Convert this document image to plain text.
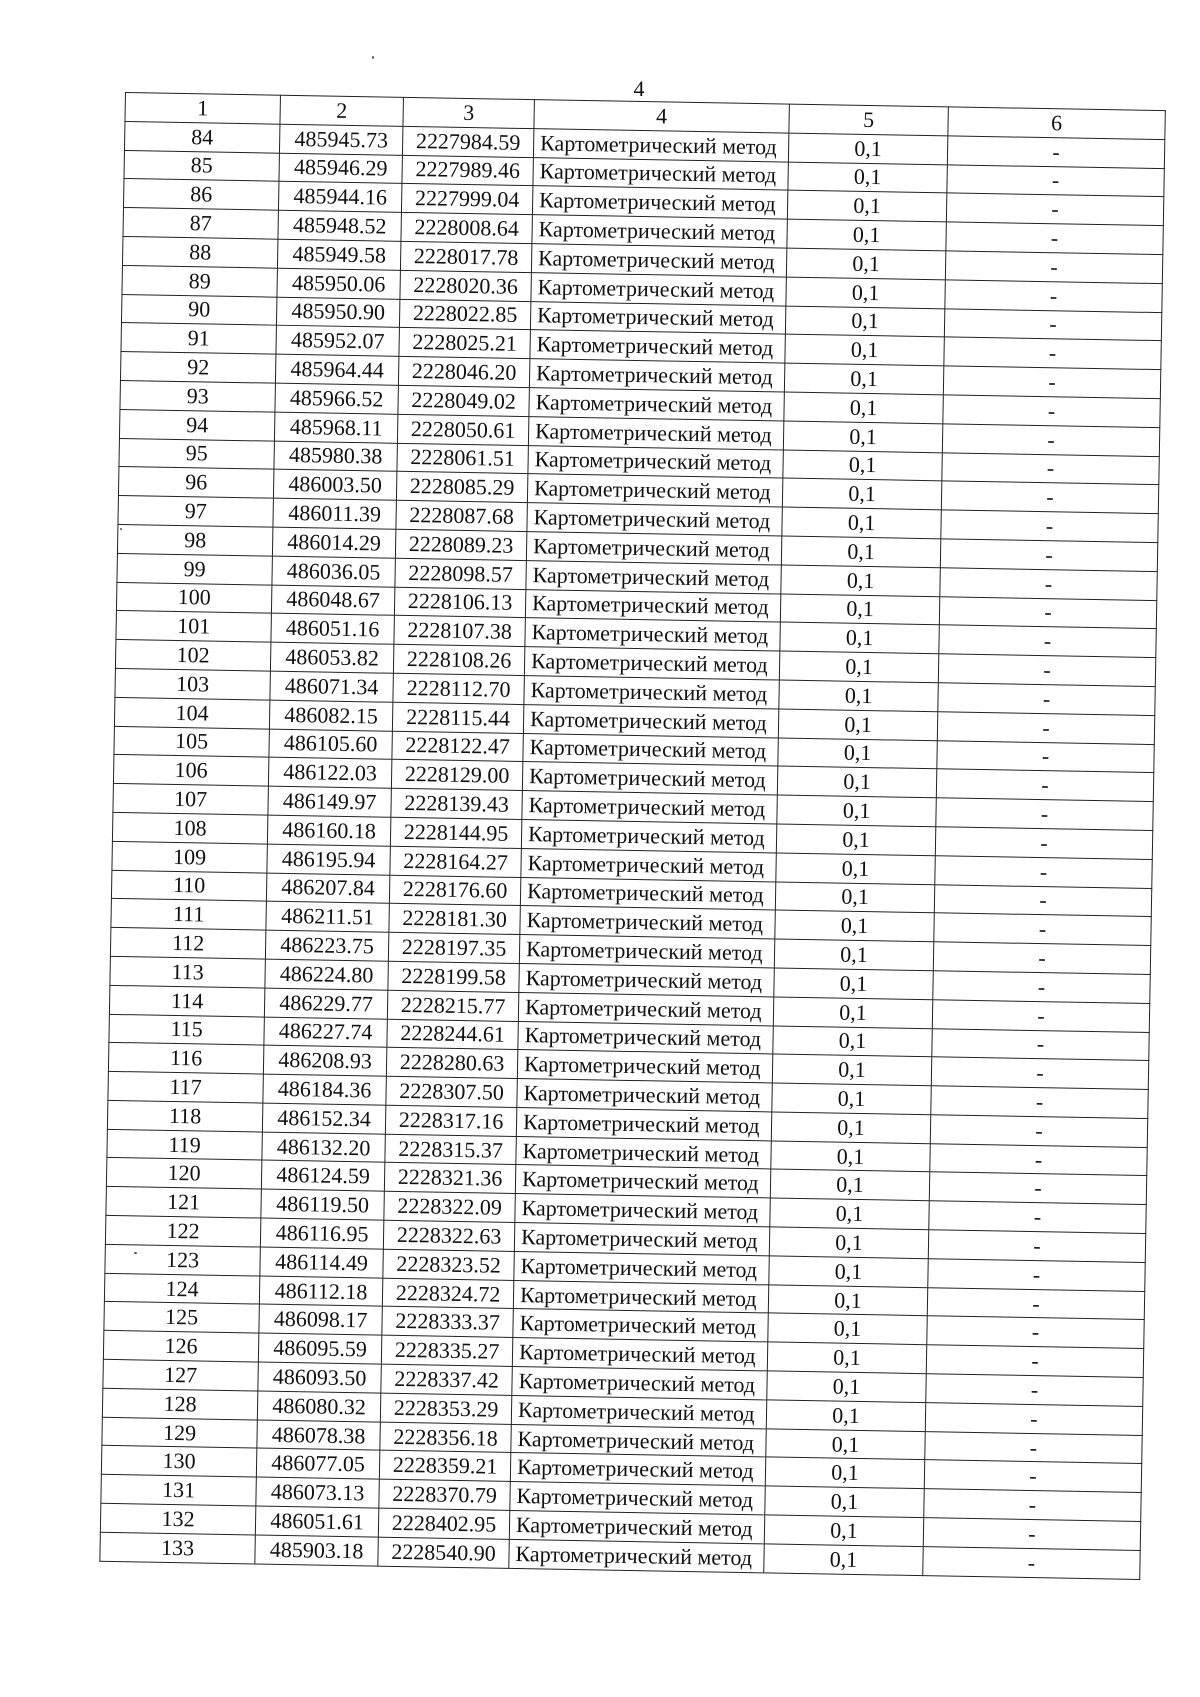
4
1	2	3	4	5	6
84	485945.73	2227984.59	Картометрический метод	0,1	-
85	485946.29	2227989.46	Картометрический метод	0,1	-
86	485944.16	2227999.04	Картометрический метод	0,1	-
87	485948.52	2228008.64	Картометрический метод	0,1	-
88	485949.58	2228017.78	Картометрический метод	0,1	-
89	485950.06	2228020.36	Картометрический метод	0,1	-
90	485950.90	2228022.85	Картометрический метод	0,1	-
91	485952.07	2228025.21	Картометрический метод	0,1	-
92	485964.44	2228046.20	Картометрический метод	0,1	-
93	485966.52	2228049.02	Картометрический метод	0,1	-
94	485968.11	2228050.61	Картометрический метод	0,1	-
95	485980.38	2228061.51	Картометрический метод	0,1	-
96	486003.50	2228085.29	Картометрический метод	0,1	-
97	486011.39	2228087.68	Картометрический метод	0,1	-
98	486014.29	2228089.23	Картометрический метод	0,1	-
99	486036.05	2228098.57	Картометрический метод	0,1	-
100	486048.67	2228106.13	Картометрический метод	0,1	-
101	486051.16	2228107.38	Картометрический метод	0,1	-
102	486053.82	2228108.26	Картометрический метод	0,1	-
103	486071.34	2228112.70	Картометрический метод	0,1	-
104	486082.15	2228115.44	Картометрический метод	0,1	-
105	486105.60	2228122.47	Картометрический метод	0,1	-
106	486122.03	2228129.00	Картометрический метод	0,1	-
107	486149.97	2228139.43	Картометрический метод	0,1	-
108	486160.18	2228144.95	Картометрический метод	0,1	-
109	486195.94	2228164.27	Картометрический метод	0,1	-
110	486207.84	2228176.60	Картометрический метод	0,1	-
111	486211.51	2228181.30	Картометрический метод	0,1	-
112	486223.75	2228197.35	Картометрический метод	0,1	-
113	486224.80	2228199.58	Картометрический метод	0,1	-
114	486229.77	2228215.77	Картометрический метод	0,1	-
115	486227.74	2228244.61	Картометрический метод	0,1	-
116	486208.93	2228280.63	Картометрический метод	0,1	-
117	486184.36	2228307.50	Картометрический метод	0,1	-
118	486152.34	2228317.16	Картометрический метод	0,1	-
119	486132.20	2228315.37	Картометрический метод	0,1	-
120	486124.59	2228321.36	Картометрический метод	0,1	-
121	486119.50	2228322.09	Картометрический метод	0,1	-
122	486116.95	2228322.63	Картометрический метод	0,1	-
123	486114.49	2228323.52	Картометрический метод	0,1	-
124	486112.18	2228324.72	Картометрический метод	0,1	-
125	486098.17	2228333.37	Картометрический метод	0,1	-
126	486095.59	2228335.27	Картометрический метод	0,1	-
127	486093.50	2228337.42	Картометрический метод	0,1	-
128	486080.32	2228353.29	Картометрический метод	0,1	-
129	486078.38	2228356.18	Картометрический метод	0,1	-
130	486077.05	2228359.21	Картометрический метод	0,1	-
131	486073.13	2228370.79	Картометрический метод	0,1	-
132	486051.61	2228402.95	Картометрический метод	0,1	-
133	485903.18	2228540.90	Картометрический метод	0,1	-
